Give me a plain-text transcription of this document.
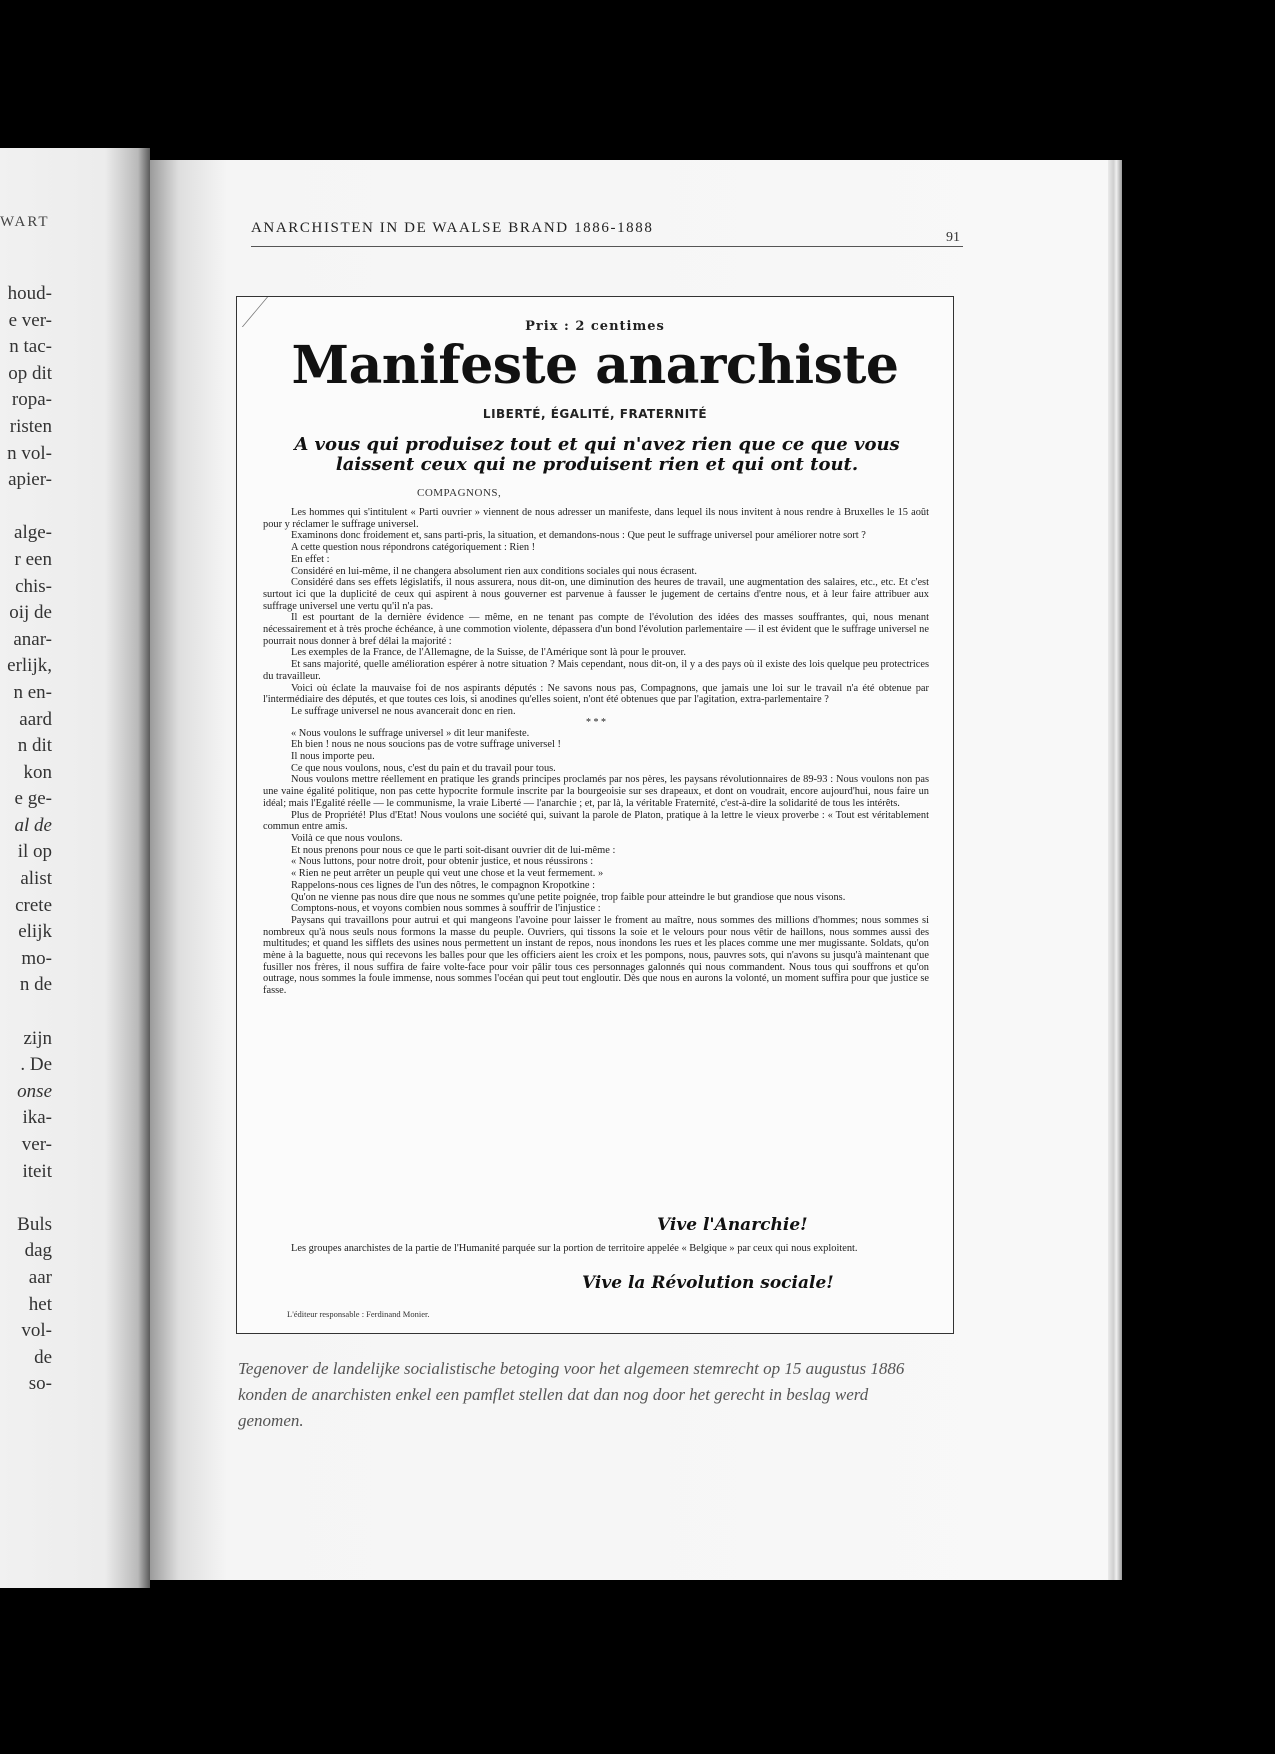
WART
houd-
e ver-
n tac-
op dit
ropa-
risten
n vol-
apier-
alge-
r een
chis-
oij de
anar-
erlijk,
n en-
aard
n dit
kon
e ge-
al de
il op
alist
crete
elijk
mo-
n de
zijn
. De
onse
ika-
ver-
iteit
Buls
dag
aar
het
vol-
de
so-
ANARCHISTEN IN DE WAALSE BRAND 1886-1888
91
Prix : 2 centimes
Manifeste anarchiste
LIBERTÉ, ÉGALITÉ, FRATERNITÉ
A vous qui produisez tout et qui n'avez rien que ce que vous laissent ceux qui ne produisent rien et qui ont tout.
COMPAGNONS,

Les hommes qui s'intitulent « Parti ouvrier » viennent de nous adresser un manifeste, dans lequel ils nous invitent à nous rendre à Bruxelles le 15 août pour y réclamer le suffrage universel.

Examinons donc froidement et, sans parti-pris, la situation, et demandons-nous : Que peut le suffrage universel pour améliorer notre sort ?

A cette question nous répondrons catégoriquement : Rien !

En effet :

Considéré en lui-même, il ne changera absolument rien aux conditions sociales qui nous écrasent.

Considéré dans ses effets législatifs, il nous assurera, nous dit-on, une diminution des heures de travail, une augmentation des salaires, etc., etc. Et c'est surtout ici que la duplicité de ceux qui aspirent à nous gouverner est parvenue à fausser le jugement de certains d'entre nous, et à leur faire attribuer aux suffrage universel une vertu qu'il n'a pas.

Il est pourtant de la dernière évidence — même, en ne tenant pas compte de l'évolution des idées des masses souffrantes, qui, nous menant nécessairement et à très proche échéance, à une commotion violente, dépassera d'un bond l'évolution parlementaire — il est évident que le suffrage universel ne pourrait nous donner à bref délai la majorité :

Les exemples de la France, de l'Allemagne, de la Suisse, de l'Amérique sont là pour le prouver.

Et sans majorité, quelle amélioration espérer à notre situation ? Mais cependant, nous dit-on, il y a des pays où il existe des lois quelque peu protectrices du travailleur.

Voici où éclate la mauvaise foi de nos aspirants députés : Ne savons nous pas, Compagnons, que jamais une loi sur le travail n'a été obtenue par l'intermédiaire des députés, et que toutes ces lois, si anodines qu'elles soient, n'ont été obtenues que par l'agitation, extra-parlementaire ?

Le suffrage universel ne nous avancerait donc en rien.

* * *

« Nous voulons le suffrage universel » dit leur manifeste.

Eh bien ! nous ne nous soucions pas de votre suffrage universel !

Il nous importe peu.

Ce que nous voulons, nous, c'est du pain et du travail pour tous.

Nous voulons mettre réellement en pratique les grands principes proclamés par nos pères, les paysans révolutionnaires de 89-93 : Nous voulons non pas une vaine égalité politique, non pas cette hypocrite formule inscrite par la bourgeoisie sur ses drapeaux, et dont on voudrait, encore aujourd'hui, nous faire un idéal; mais l'Egalité réelle — le communisme, la vraie Liberté — l'anarchie ; et, par là, la véritable Fraternité, c'est-à-dire la solidarité de tous les intérêts.

Plus de Propriété! Plus d'Etat! Nous voulons une société qui, suivant la parole de Platon, pratique à la lettre le vieux proverbe : « Tout est véritablement commun entre amis.

Voilà ce que nous voulons.

Et nous prenons pour nous ce que le parti soit-disant ouvrier dit de lui-même :

« Nous luttons, pour notre droit, pour obtenir justice, et nous réussirons :

« Rien ne peut arrêter un peuple qui veut une chose et la veut fermement. »

Rappelons-nous ces lignes de l'un des nôtres, le compagnon Kropotkine :

Qu'on ne vienne pas nous dire que nous ne sommes qu'une petite poignée, trop faible pour atteindre le but grandiose que nous visons.

Comptons-nous, et voyons combien nous sommes à souffrir de l'injustice :

Paysans qui travaillons pour autrui et qui mangeons l'avoine pour laisser le froment au maître, nous sommes des millions d'hommes; nous sommes si nombreux qu'à nous seuls nous formons la masse du peuple. Ouvriers, qui tissons la soie et le velours pour nous vêtir de haillons, nous sommes aussi des multitudes; et quand les sifflets des usines nous permettent un instant de repos, nous inondons les rues et les places comme une mer mugissante. Soldats, qu'on mène à la baguette, nous qui recevons les balles pour que les officiers aient les croix et les pompons, nous, pauvres sots, qui n'avons su jusqu'à maintenant que fusiller nos frères, il nous suffira de faire volte-face pour voir pâlir tous ces personnages galonnés qui nous commandent. Nous tous qui souffrons et qu'on outrage, nous sommes la foule immense, nous sommes l'océan qui peut tout engloutir. Dès que nous en aurons la volonté, un moment suffira pour que justice se fasse.

Vive l'Anarchie!
Les groupes anarchistes de la partie de l'Humanité parquée sur la portion de territoire appelée « Belgique » par ceux qui nous exploitent.
Vive la Révolution sociale!
L'éditeur responsable : Ferdinand Monier.
Tegenover de landelijke socialistische betoging voor het algemeen stemrecht op 15 augustus 1886 konden de anarchisten enkel een pamflet stellen dat dan nog door het gerecht in beslag werd genomen.
